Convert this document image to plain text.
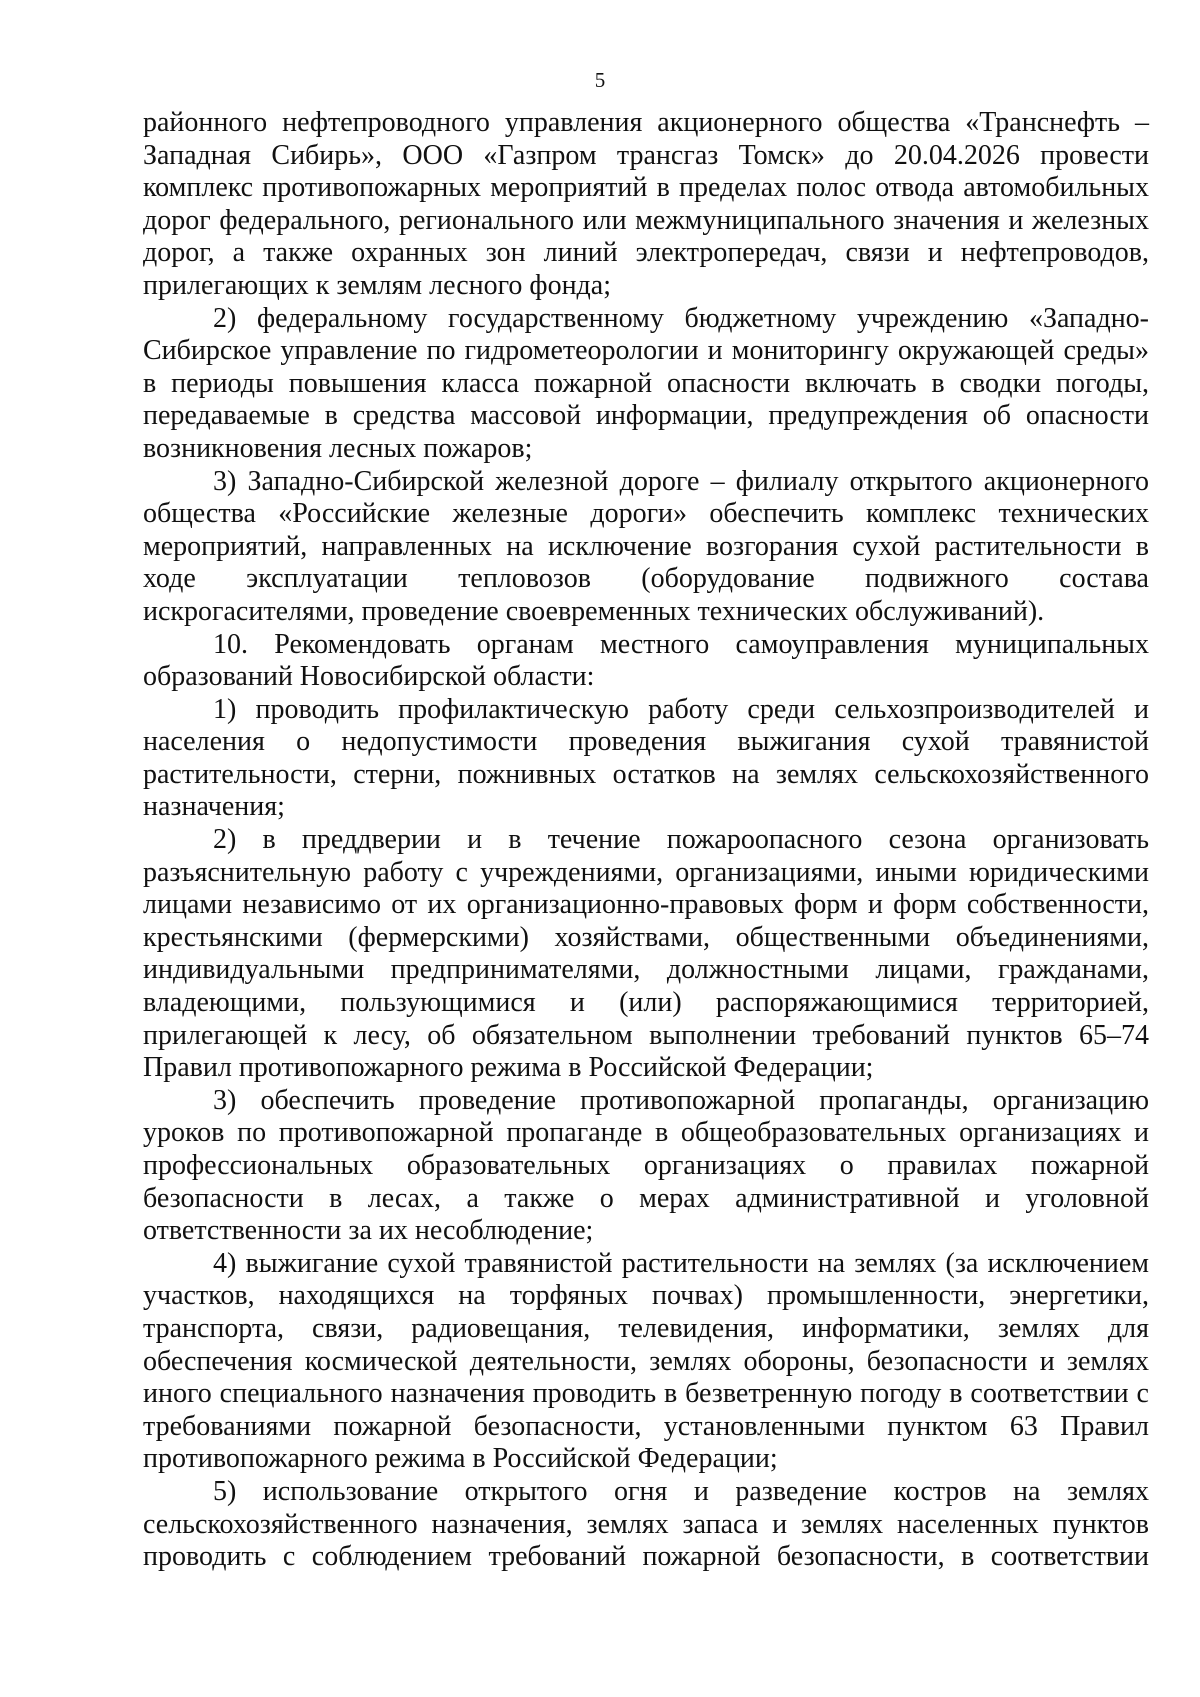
5

районного нефтепроводного управления акционерного общества «Транснефть – Западная Сибирь», ООО «Газпром трансгаз Томск» до 20.04.2026 провести комплекс противопожарных мероприятий в пределах полос отвода автомобильных дорог федерального, регионального или межмуниципального значения и железных дорог, а также охранных зон линий электропередач, связи и нефтепроводов, прилегающих к землям лесного фонда;

2) федеральному государственному бюджетному учреждению «Западно-Сибирское управление по гидрометеорологии и мониторингу окружающей среды» в периоды повышения класса пожарной опасности включать в сводки погоды, передаваемые в средства массовой информации, предупреждения об опасности возникновения лесных пожаров;

3) Западно-Сибирской железной дороге – филиалу открытого акционерного общества «Российские железные дороги» обеспечить комплекс технических мероприятий, направленных на исключение возгорания сухой растительности в ходе эксплуатации тепловозов (оборудование подвижного состава искрогасителями, проведение своевременных технических обслуживаний).

10. Рекомендовать органам местного самоуправления муниципальных образований Новосибирской области:

1) проводить профилактическую работу среди сельхозпроизводителей и населения о недопустимости проведения выжигания сухой травянистой растительности, стерни, пожнивных остатков на землях сельскохозяйственного назначения;

2) в преддверии и в течение пожароопасного сезона организовать разъяснительную работу с учреждениями, организациями, иными юридическими лицами независимо от их организационно-правовых форм и форм собственности, крестьянскими (фермерскими) хозяйствами, общественными объединениями, индивидуальными предпринимателями, должностными лицами, гражданами, владеющими, пользующимися и (или) распоряжающимися территорией, прилегающей к лесу, об обязательном выполнении требований пунктов 65–74 Правил противопожарного режима в Российской Федерации;

3) обеспечить проведение противопожарной пропаганды, организацию уроков по противопожарной пропаганде в общеобразовательных организациях и профессиональных образовательных организациях о правилах пожарной безопасности в лесах, а также о мерах административной и уголовной ответственности за их несоблюдение;

4) выжигание сухой травянистой растительности на землях (за исключением участков, находящихся на торфяных почвах) промышленности, энергетики, транспорта, связи, радиовещания, телевидения, информатики, землях для обеспечения космической деятельности, землях обороны, безопасности и землях иного специального назначения проводить в безветренную погоду в соответствии с требованиями пожарной безопасности, установленными пунктом 63 Правил противопожарного режима в Российской Федерации;

5) использование открытого огня и разведение костров на землях сельскохозяйственного назначения, землях запаса и землях населенных пунктов проводить с соблюдением требований пожарной безопасности, в соответствии
